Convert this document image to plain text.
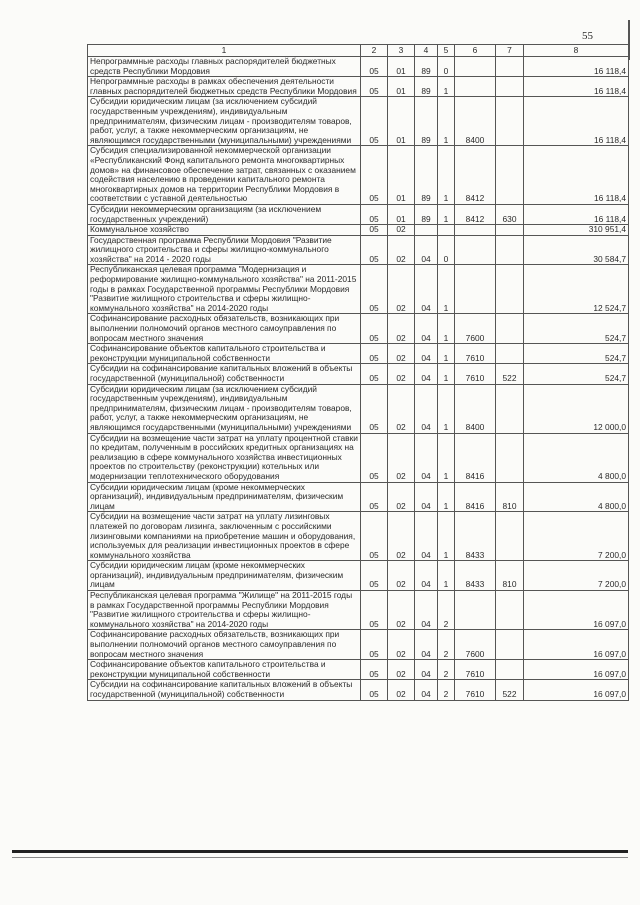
55
1	2	3	4	5	6	7	8
Непрограммные расходы главных распорядителей бюджетных средств Республики Мордовия	05	01	89	0			16 118,4
Непрограммные расходы в рамках обеспечения деятельности главных распорядителей бюджетных средств Республики Мордовия	05	01	89	1			16 118,4
Субсидии юридическим лицам (за исключением субсидий государственным учреждениям), индивидуальным предпринимателям, физическим лицам - производителям товаров, работ, услуг, а также некоммерческим организациям, не являющимся государственными (муниципальными) учреждениями	05	01	89	1	8400		16 118,4
Субсидия специализированной некоммерческой организации «Республиканский Фонд капитального ремонта многоквартирных домов» на финансовое обеспечение затрат, связанных с оказанием содействия населению в проведении капитального ремонта многоквартирных домов на территории Республики Мордовия в соответствии с уставной деятельностью	05	01	89	1	8412		16 118,4
Субсидии некоммерческим организациям (за исключением государственных учреждений)	05	01	89	1	8412	630	16 118,4
Коммунальное хозяйство	05	02					310 951,4
Государственная программа Республики Мордовия "Развитие жилищного строительства и сферы жилищно-коммунального хозяйства" на 2014 - 2020 годы	05	02	04	0			30 584,7
Республиканская целевая программа "Модернизация и реформирование жилищно-коммунального хозяйства" на 2011-2015 годы в рамках Государственной программы Республики Мордовия "Развитие жилищного строительства и сферы жилищно-коммунального хозяйства" на 2014-2020 годы	05	02	04	1			12 524,7
Софинансирование расходных обязательств, возникающих при выполнении полномочий органов местного самоуправления по вопросам местного значения	05	02	04	1	7600		524,7
Софинансирование объектов капитального строительства и реконструкции муниципальной собственности	05	02	04	1	7610		524,7
Субсидии на софинансирование капитальных вложений в объекты государственной (муниципальной) собственности	05	02	04	1	7610	522	524,7
Субсидии юридическим лицам (за исключением субсидий государственным учреждениям), индивидуальным предпринимателям, физическим лицам - производителям товаров, работ, услуг, а также некоммерческим организациям, не являющимся государственными (муниципальными) учреждениями	05	02	04	1	8400		12 000,0
Субсидии на возмещение части затрат на уплату процентной ставки по кредитам, полученным в российских кредитных организациях на реализацию в сфере коммунального хозяйства инвестиционных проектов по строительству (реконструкции) котельных или модернизации теплотехнического оборудования	05	02	04	1	8416		4 800,0
Субсидии юридическим лицам (кроме некоммерческих организаций), индивидуальным предпринимателям, физическим лицам	05	02	04	1	8416	810	4 800,0
Субсидии на возмещение части затрат на уплату лизинговых платежей по договорам лизинга, заключенным с российскими лизинговыми компаниями на приобретение машин и оборудования, используемых для реализации инвестиционных проектов в сфере коммунального хозяйства	05	02	04	1	8433		7 200,0
Субсидии юридическим лицам (кроме некоммерческих организаций), индивидуальным предпринимателям, физическим лицам	05	02	04	1	8433	810	7 200,0
Республиканская целевая программа "Жилище" на 2011-2015 годы в рамках Государственной программы Республики Мордовия "Развитие жилищного строительства и сферы жилищно-коммунального хозяйства" на 2014-2020 годы	05	02	04	2			16 097,0
Софинансирование расходных обязательств, возникающих при выполнении полномочий органов местного самоуправления по вопросам местного значения	05	02	04	2	7600		16 097,0
Софинансирование объектов капитального строительства и реконструкции муниципальной собственности	05	02	04	2	7610		16 097,0
Субсидии на софинансирование капитальных вложений в объекты государственной (муниципальной) собственности	05	02	04	2	7610	522	16 097,0
